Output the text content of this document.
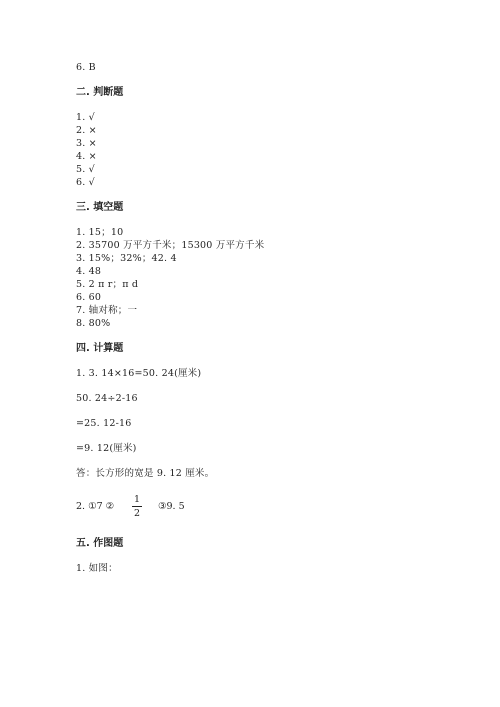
6. B
二. 判断题
1. √
2. ×
3. ×
4. ×
5. √
6. √
三. 填空题
1. 15；10
2. 35700 万平方千米；15300 万平方千米
3. 15%；32%；42. 4
4. 48
5. 2 π r；π d
6. 60
7. 轴对称；一
8. 80%
四. 计算题
1. 3. 14×16=50. 24(厘米)
50. 24÷2-16
=25. 12-16
=9. 12(厘米)
答：长方形的宽是 9. 12 厘米。
2. ①7 ②
1
2
③9. 5
五. 作图题
1. 如图：
